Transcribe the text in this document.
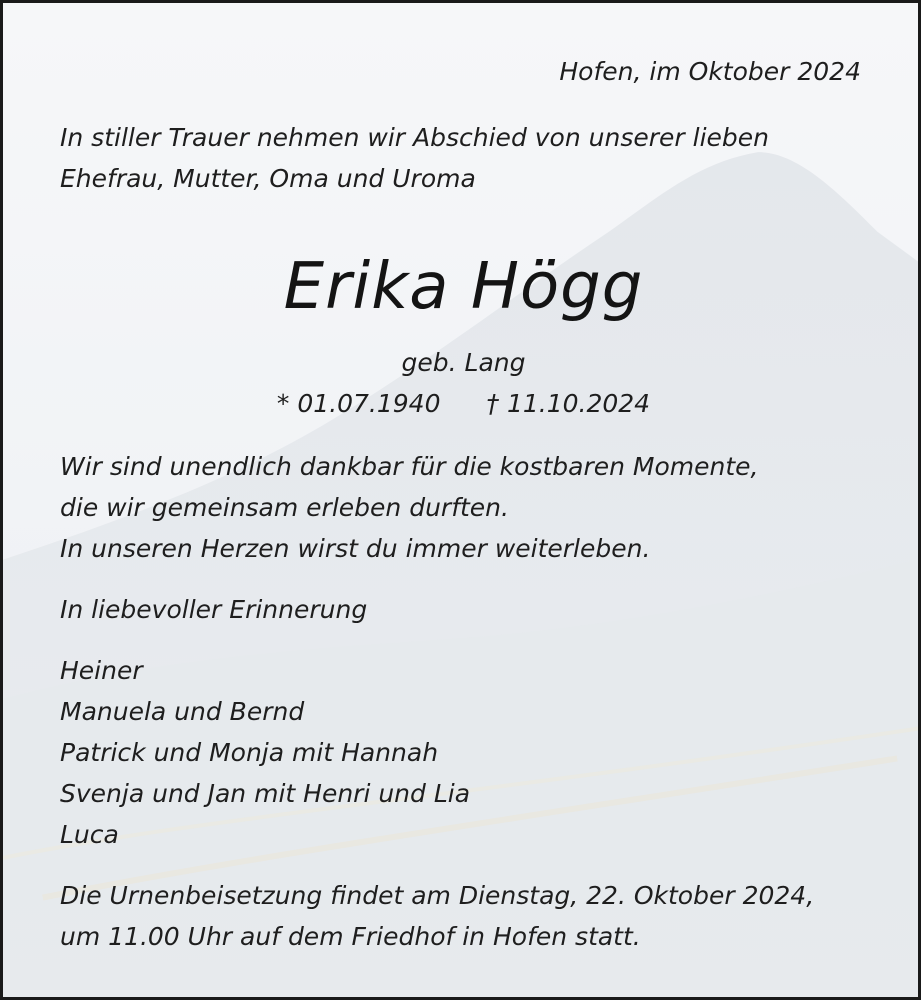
Hofen, im Oktober 2024
In stiller Trauer nehmen wir Abschied von unserer lieben
Ehefrau, Mutter, Oma und Uroma
Erika Högg
geb. Lang
* 01.07.1940 † 11.10.2024
Wir sind unendlich dankbar für die kostbaren Momente,
die wir gemeinsam erleben durften.
In unseren Herzen wirst du immer weiterleben.
In liebevoller Erinnerung
Heiner
Manuela und Bernd
Patrick und Monja mit Hannah
Svenja und Jan mit Henri und Lia
Luca
Die Urnenbeisetzung findet am Dienstag, 22. Oktober 2024,
um 11.00 Uhr auf dem Friedhof in Hofen statt.
